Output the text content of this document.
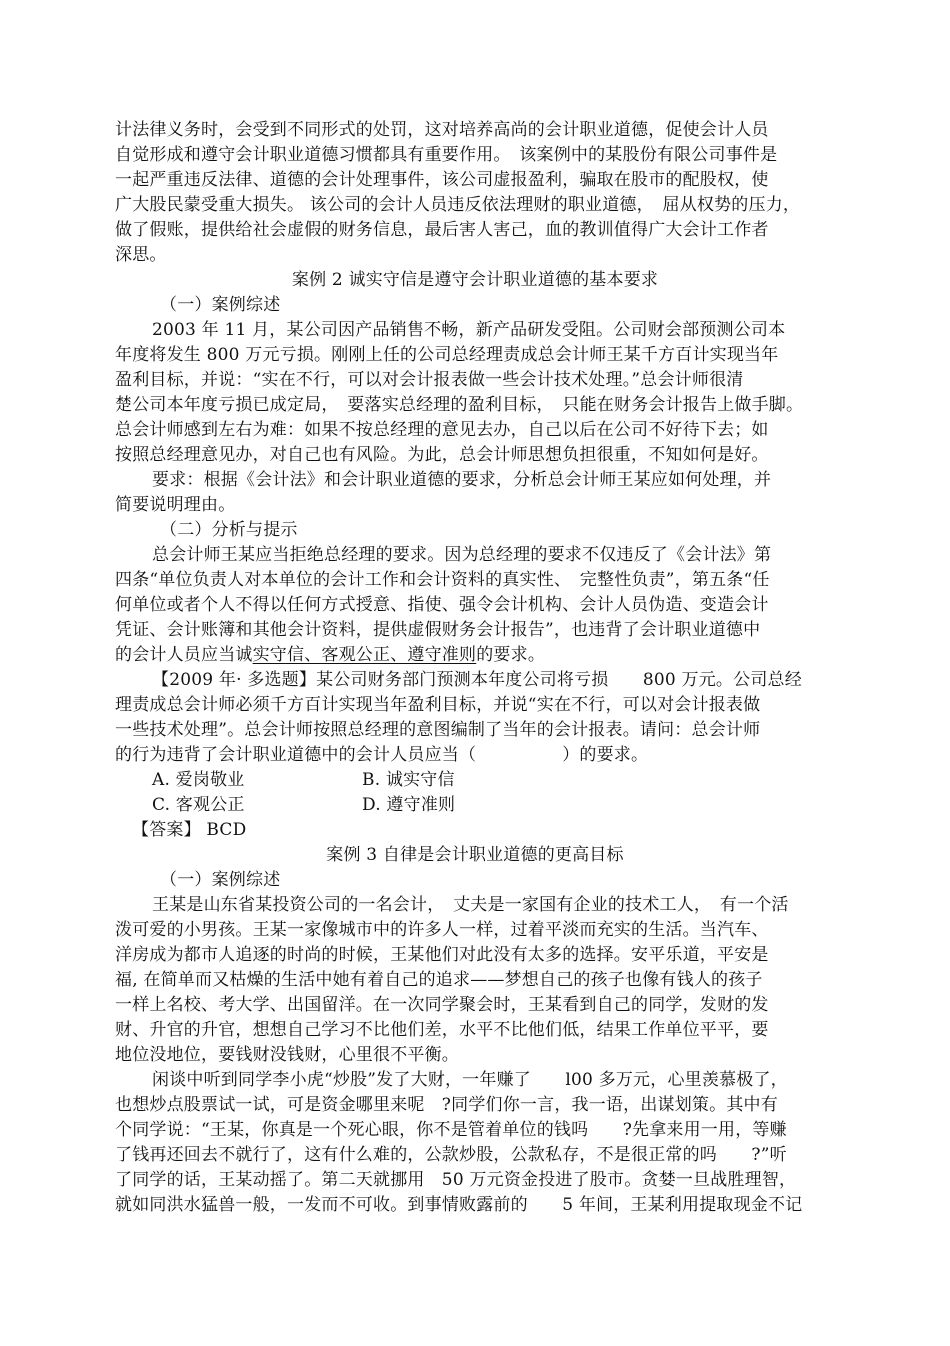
计法律义务时，会受到不同形式的处罚，这对培养高尚的会计职业道德，促使会计人员
自觉形成和遵守会计职业道德习惯都具有重要作用。　该案例中的某股份有限公司事件是
一起严重违反法律、道德的会计处理事件，该公司虚报盈利，骗取在股市的配股权，使
广大股民蒙受重大损失。 该公司的会计人员违反依法理财的职业道德，　屈从权势的压力，
做了假账，提供给社会虚假的财务信息，最后害人害己，血的教训值得广大会计工作者
深思。
案例 2 诚实守信是遵守会计职业道德的基本要求
（一）案例综述
2003 年 11 月，某公司因产品销售不畅，新产品研发受阻。公司财会部预测公司本
年度将发生 800 万元亏损。刚刚上任的公司总经理责成总会计师王某千方百计实现当年
盈利目标，并说：“实在不行，可以对会计报表做一些会计技术处理。”总会计师很清
楚公司本年度亏损已成定局，　要落实总经理的盈利目标，　只能在财务会计报告上做手脚。
总会计师感到左右为难：如果不按总经理的意见去办，自己以后在公司不好待下去；如
按照总经理意见办，对自己也有风险。为此，总会计师思想负担很重，不知如何是好。
要求：根据《会计法》和会计职业道德的要求，分析总会计师王某应如何处理，并
简要说明理由。
（二）分析与提示
总会计师王某应当拒绝总经理的要求。因为总经理的要求不仅违反了《会计法》第
四条“单位负责人对本单位的会计工作和会计资料的真实性、　完整性负责”，第五条“任
何单位或者个人不得以任何方式授意、指使、强令会计机构、会计人员伪造、变造会计
凭证、会计账簿和其他会计资料，提供虚假财务会计报告”，也违背了会计职业道德中
的会计人员应当诚实守信、客观公正、遵守准则的要求。
【2009 年· 多选题】某公司财务部门预测本年度公司将亏损　　800 万元。公司总经
理责成总会计师必须千方百计实现当年盈利目标，并说“实在不行，可以对会计报表做
一些技术处理”。总会计师按照总经理的意图编制了当年的会计报表。请问：总会计师
的行为违背了会计职业道德中的会计人员应当（　　　　　）的要求。
A. 爱岗敬业	B. 诚实守信
C. 客观公正	D. 遵守准则
【答案】 BCD
案例 3 自律是会计职业道德的更高目标
（一）案例综述
王某是山东省某投资公司的一名会计，　丈夫是一家国有企业的技术工人，　有一个活
泼可爱的小男孩。王某一家像城市中的许多人一样，过着平淡而充实的生活。当汽车、
洋房成为都市人追逐的时尚的时候，王某他们对此没有太多的选择。安平乐道，平安是
福, 在简单而又枯燥的生活中她有着自己的追求——梦想自己的孩子也像有钱人的孩子
一样上名校、考大学、出国留洋。在一次同学聚会时，王某看到自己的同学，发财的发
财、升官的升官，想想自己学习不比他们差，水平不比他们低，结果工作单位平平，要
地位没地位，要钱财没钱财，心里很不平衡。
闲谈中听到同学李小虎“炒股”发了大财，一年赚了　　l00 多万元，心里羡慕极了，
也想炒点股票试一试，可是资金哪里来呢　?同学们你一言，我一语，出谋划策。其中有
个同学说：“王某，你真是一个死心眼，你不是管着单位的钱吗　　?先拿来用一用，等赚
了钱再还回去不就行了，这有什么难的，公款炒股，公款私存，不是很正常的吗　　?”听
了同学的话，王某动摇了。第二天就挪用　50 万元资金投进了股市。贪婪一旦战胜理智，
就如同洪水猛兽一般，一发而不可收。到事情败露前的　　5 年间，王某利用提取现金不记
